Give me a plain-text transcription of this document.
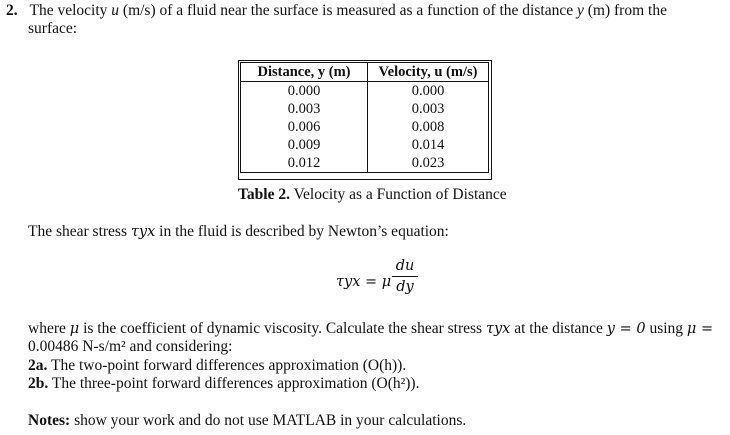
2. The velocity u (m/s) of a fluid near the surface is measured as a function of the distance y (m) from the
surface:
Distance, y (m)	Velocity, u (m/s)
0.000	0.000
0.003	0.003
0.006	0.008
0.009	0.014
0.012	0.023
Table 2. Velocity as a Function of Distance
The shear stress τyx in the fluid is described by Newton’s equation:
τyx = μ
du
dy
where μ is the coefficient of dynamic viscosity. Calculate the shear stress τyx at the distance y = 0 using μ =
0.00486 N-s/m² and considering:
2a. The two-point forward differences approximation (O(h)).
2b. The three-point forward differences approximation (O(h²)).
Notes: show your work and do not use MATLAB in your calculations.
